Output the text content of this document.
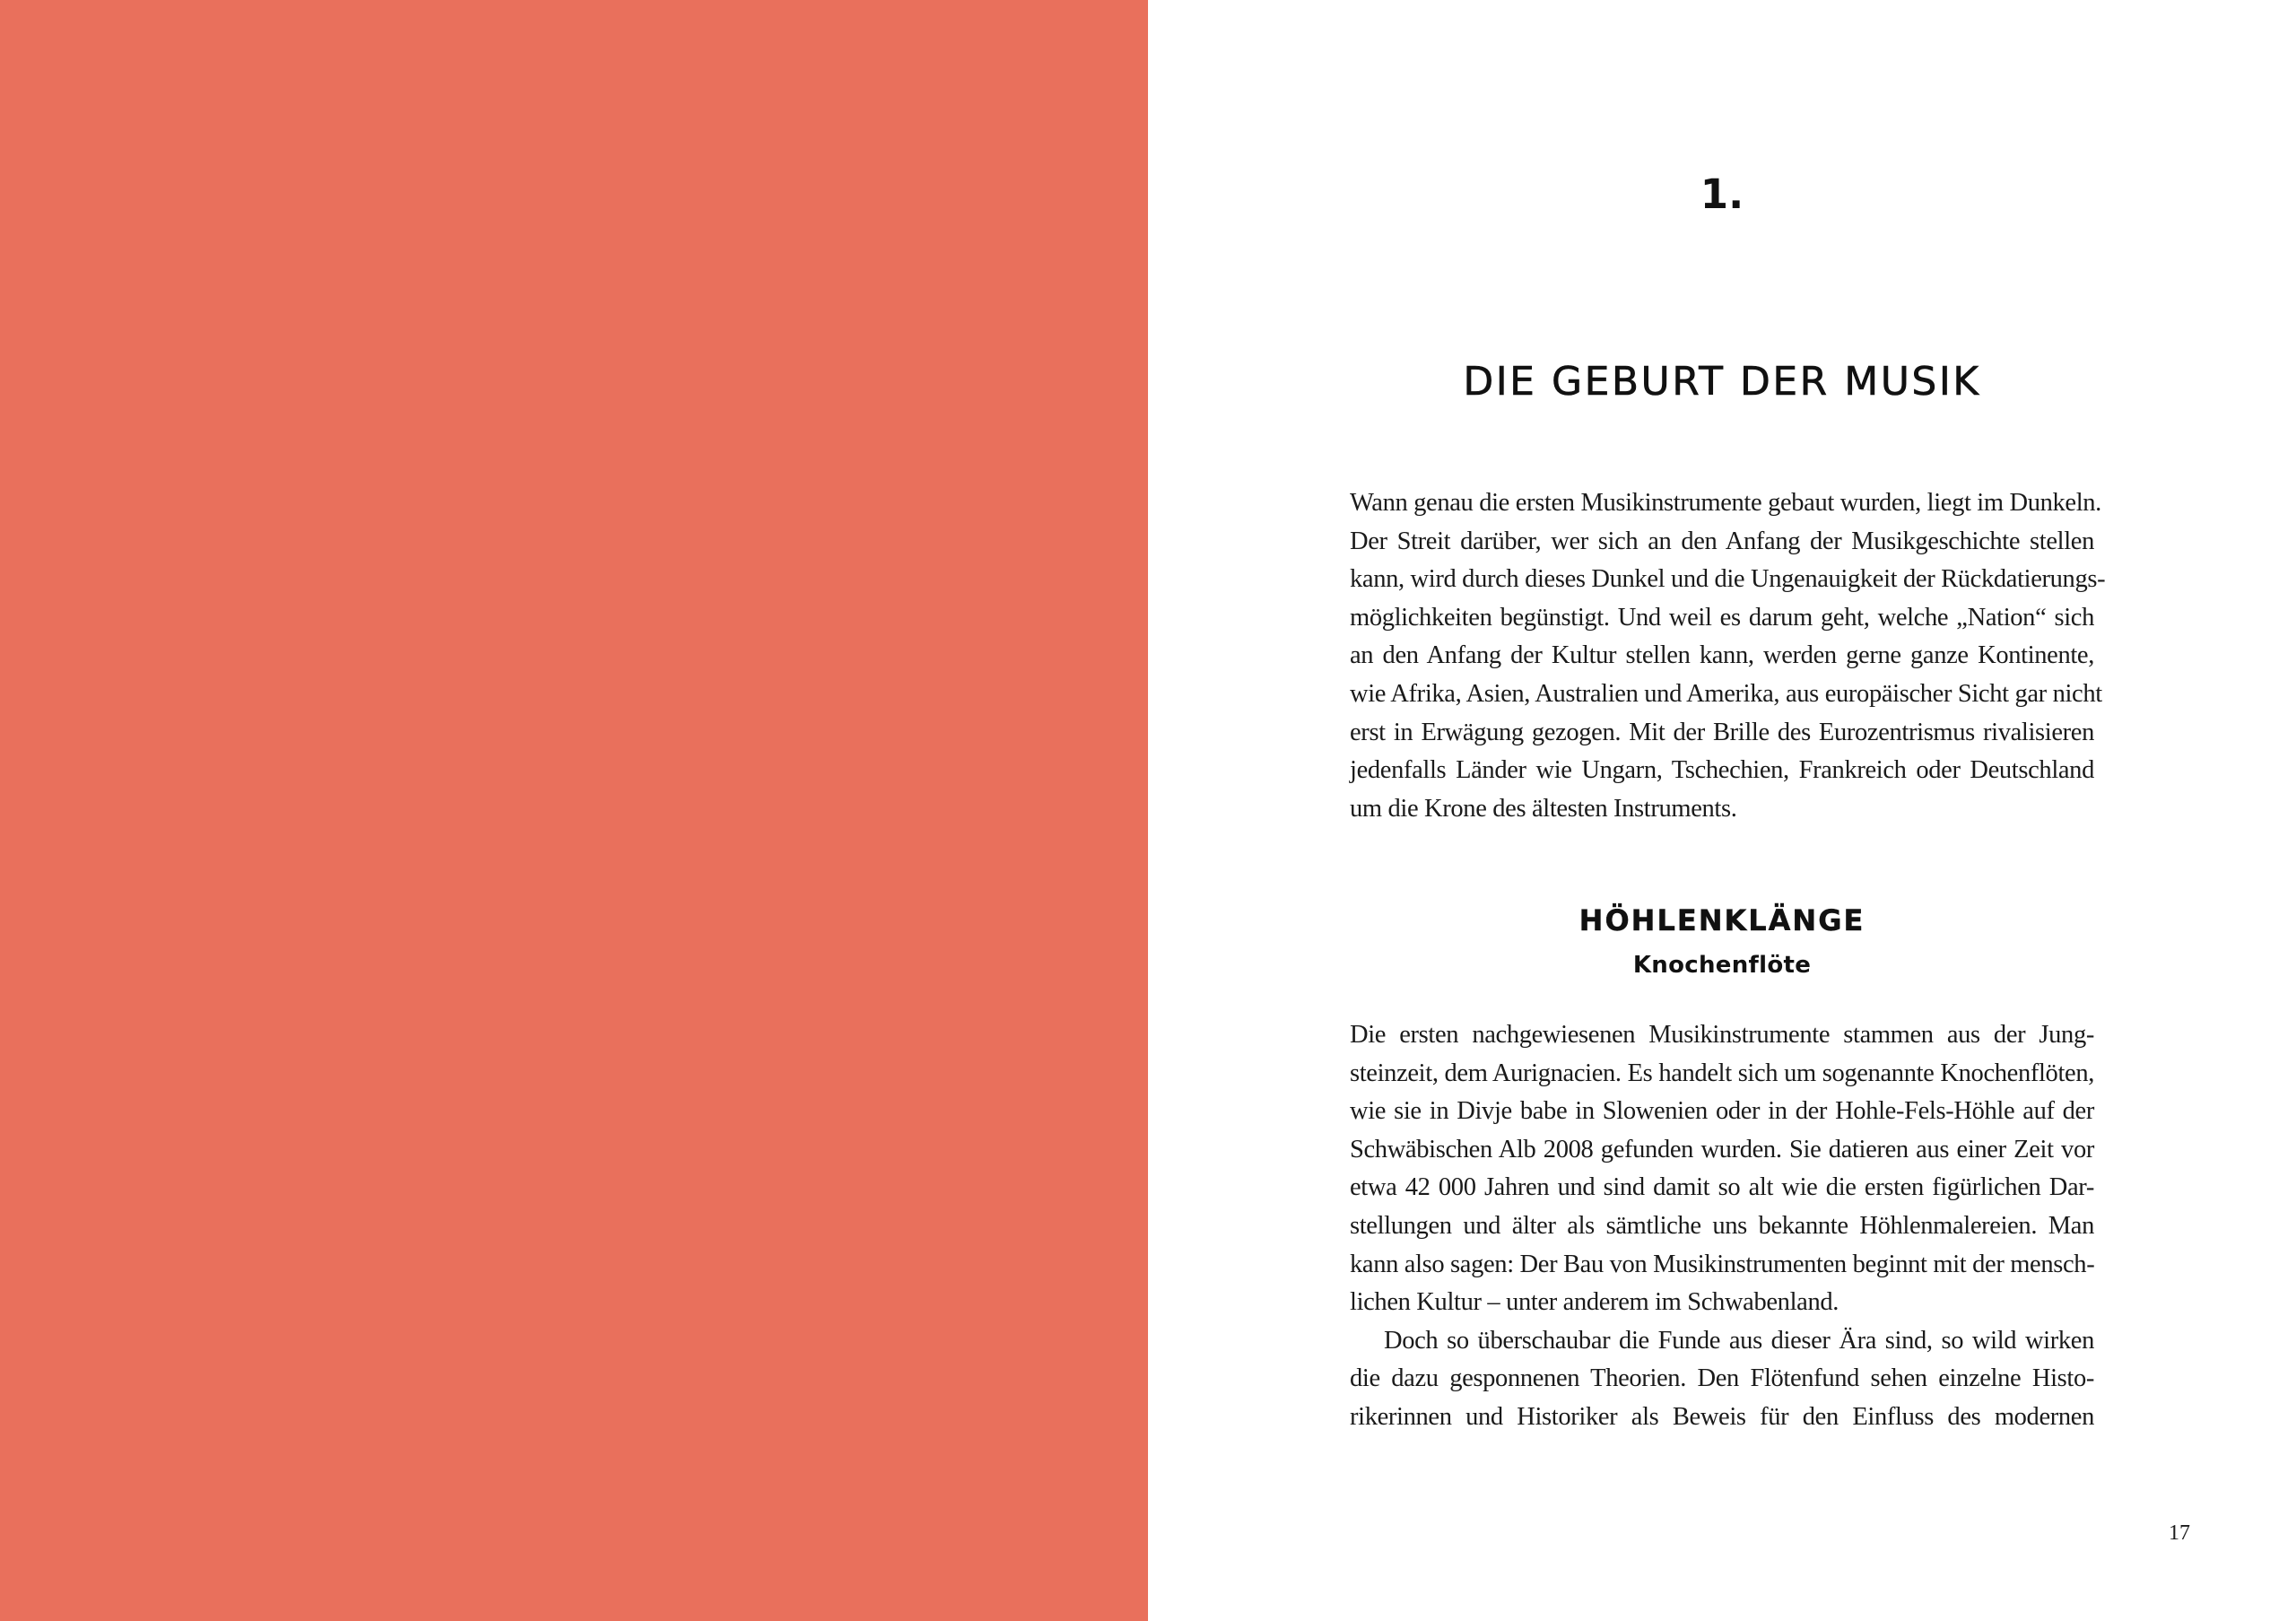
1.
DIE GEBURT DER MUSIK
Wann genau die ersten Musikinstrumente gebaut wurden, liegt im Dunkeln.
Der Streit darüber, wer sich an den Anfang der Musikgeschichte stellen
kann, wird durch dieses Dunkel und die Ungenauigkeit der Rückdatierungs-
möglichkeiten begünstigt. Und weil es darum geht, welche „Nation“ sich
an den Anfang der Kultur stellen kann, werden gerne ganze Kontinente,
wie Afrika, Asien, Australien und Amerika, aus europäischer Sicht gar nicht
erst in Erwägung gezogen. Mit der Brille des Eurozentrismus rivalisieren
jedenfalls Länder wie Ungarn, Tschechien, Frankreich oder Deutschland
um die Krone des ältesten Instruments.
HÖHLENKLÄNGE
Knochenflöte
Die ersten nachgewiesenen Musikinstrumente stammen aus der Jung-
steinzeit, dem Aurignacien. Es handelt sich um sogenannte Knochenflöten,
wie sie in Divje babe in Slowenien oder in der Hohle-Fels-Höhle auf der
Schwäbischen Alb 2008 gefunden wurden. Sie datieren aus einer Zeit vor
etwa 42 000 Jahren und sind damit so alt wie die ersten figürlichen Dar-
stellungen und älter als sämtliche uns bekannte Höhlenmalereien. Man
kann also sagen: Der Bau von Musikinstrumenten beginnt mit der mensch-
lichen Kultur – unter anderem im Schwabenland.
Doch so überschaubar die Funde aus dieser Ära sind, so wild wirken
die dazu gesponnenen Theorien. Den Flötenfund sehen einzelne Histo-
rikerinnen und Historiker als Beweis für den Einfluss des modernen

17
